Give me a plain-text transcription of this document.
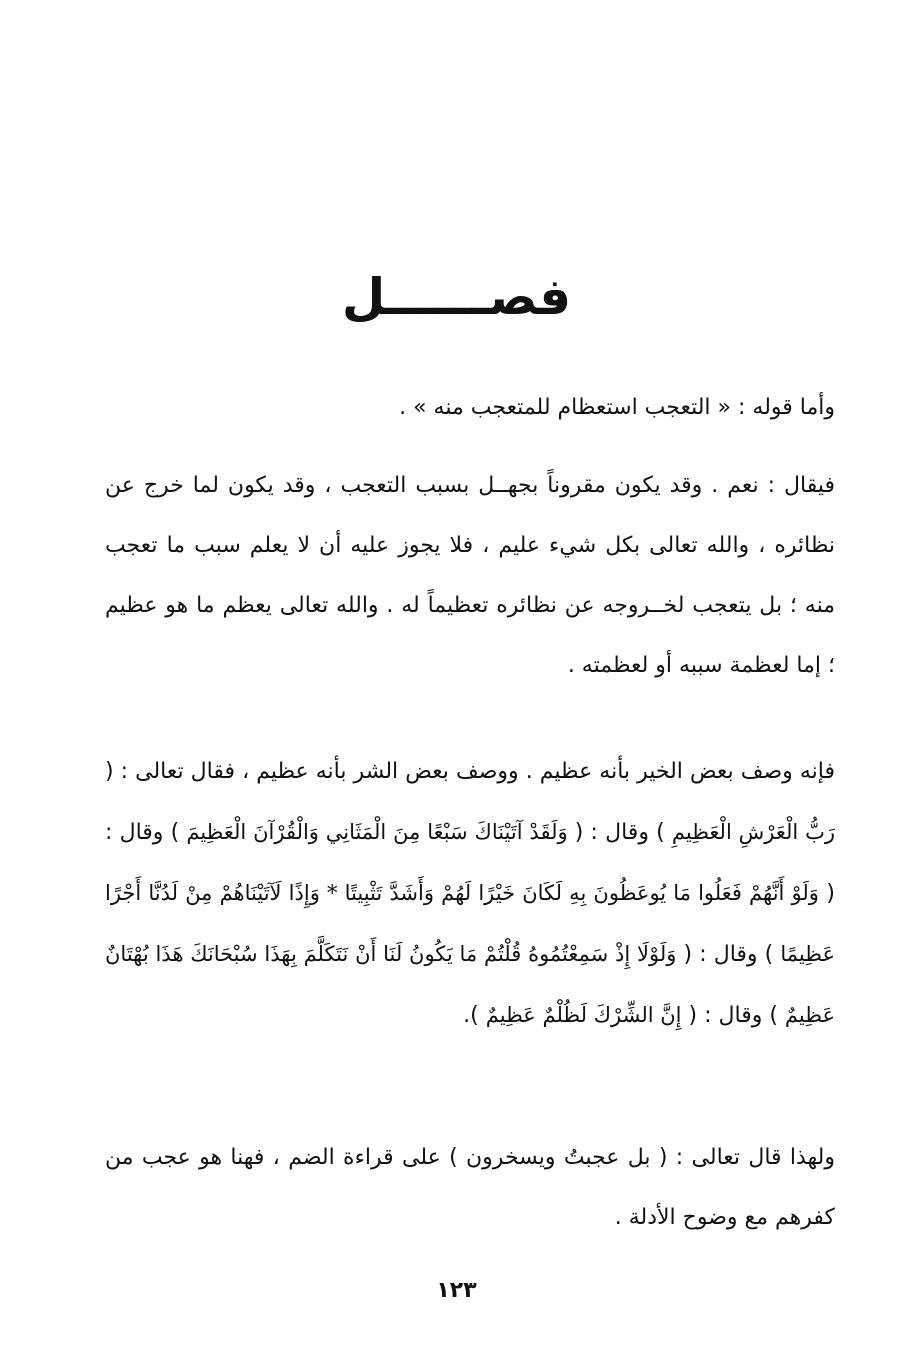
فصــــــل
وأما قوله : « التعجب استعظام للمتعجب منه » .
فيقال : نعم . وقد يكون مقروناً بجهــل بسبب التعجب ، وقد يكون لما خرج عن نظائره ، والله تعالى بكل شيء عليم ، فلا يجوز عليه أن لا يعلم سبب ما تعجب منه ؛ بل يتعجب لخــروجه عن نظائره تعظيماً له . والله تعالى يعظم ما هو عظيم ؛ إما لعظمة سببه أو لعظمته .
فإنه وصف بعض الخير بأنه عظيم . ووصف بعض الشر بأنه عظيم ، فقال تعالى : ( رَبُّ الْعَرْشِ الْعَظِيمِ ) وقال : ( وَلَقَدْ آتَيْنَاكَ سَبْعًا مِنَ الْمَثَانِي وَالْقُرْآنَ الْعَظِيمَ ) وقال : ( وَلَوْ أَنَّهُمْ فَعَلُوا مَا يُوعَظُونَ بِهِ لَكَانَ خَيْرًا لَهُمْ وَأَشَدَّ تَثْبِيتًا * وَإِذًا لَآتَيْنَاهُمْ مِنْ لَدُنَّا أَجْرًا عَظِيمًا ) وقال : ( وَلَوْلَا إِذْ سَمِعْتُمُوهُ قُلْتُمْ مَا يَكُونُ لَنَا أَنْ نَتَكَلَّمَ بِهَذَا سُبْحَانَكَ هَذَا بُهْتَانٌ عَظِيمٌ ) وقال : ( إِنَّ الشِّرْكَ لَظُلْمٌ عَظِيمٌ ).
ولهذا قال تعالى : ( بل عجبتُ ويسخرون ) على قراءة الضم ، فهنا هو عجب من كفرهم مع وضوح الأدلة .
١٢٣
